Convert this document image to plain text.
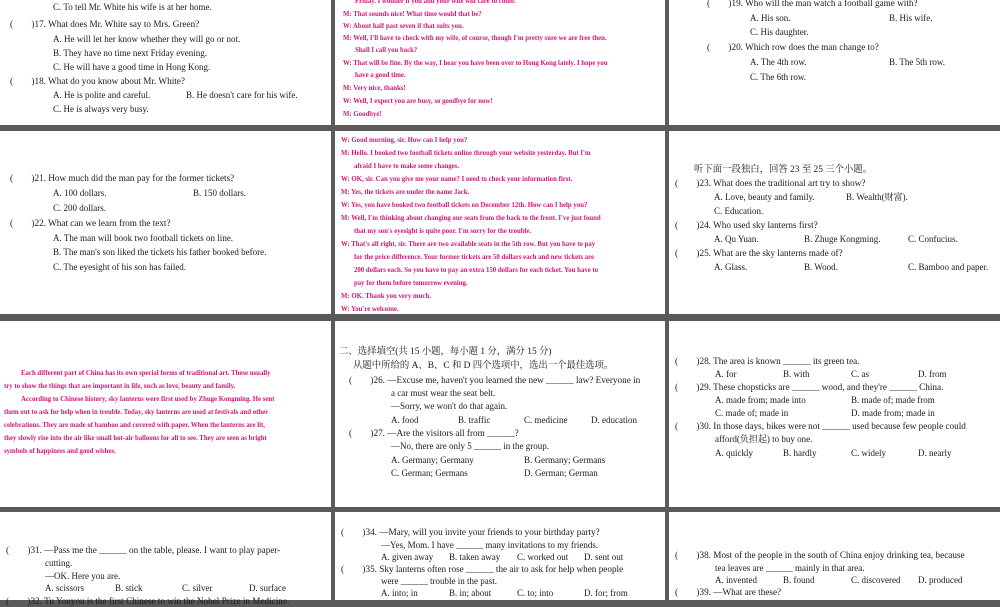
C. To tell Mr. White his wife is at her home.
(　　)17. What does Mr. White say to Mrs. Green?
A. He will let her know whether they will go or not.
B. They have no time next Friday evening.
C. He will have a good time in Hong Kong.
(　　)18. What do you know about Mr. White?
A. He is polite and careful.	B. He doesn't care for his wife.
C. He is always very busy.
Friday. I wonder if you and your wife will care to come.
M: That sounds nice! What time would that be?
W: About half past seven if that suits you.
M: Well, I'll have to check with my wife, of course, though I'm pretty sure we are free then.
Shall I call you back?
W: That will be fine. By the way, I hear you have been over to Hong Kong lately. I hope you
have a good time.
M: Very nice, thanks!
W: Well, I expect you are busy, so goodbye for now!
M: Goodbye!
(　　)19. Who will the man watch a football game with?
A. His son.	B. His wife.
C. His daughter.
(　　)20. Which row does the man change to?
A. The 4th row.	B. The 5th row.
C. The 6th row.
(　　)21. How much did the man pay for the former tickets?
A. 100 dollars.	B. 150 dollars.
C. 200 dollars.
(　　)22. What can we learn from the text?
A. The man will book two football tickets on line.
B. The man's son liked the tickets his father booked before.
C. The eyesight of his son has failed.
W: Good morning, sir. How can I help you?
M: Hello. I booked two football tickets online through your website yesterday. But I'm
afraid I have to make some changes.
W: OK, sir. Can you give me your name? I need to check your information first.
M: Yes, the tickets are under the name Jack.
W: Yes, you have booked two football tickets on December 12th. How can I help you?
M: Well, I'm thinking about changing our seats from the back to the front. I've just found
that my son's eyesight is quite poor. I'm sorry for the trouble.
W: That's all right, sir. There are two available seats in the 5th row. But you have to pay
for the price difference. Your former tickets are 50 dollars each and new tickets are
200 dollars each. So you have to pay an extra 150 dollars for each ticket. You have to
pay for them before tomorrow evening.
M: OK. Thank you very much.
W: You're welcome.
听下面一段独白，回答 23 至 25 三个小题。
(　　)23. What does the traditional art try to show?
A. Love, beauty and family.	B. Wealth(财富).
C. Education.
(　　)24. Who used sky lanterns first?
A. Qu Yuan.	B. Zhuge Kongming.	C. Confucius.
(　　)25. What are the sky lanterns made of?
A. Glass.	B. Wood.	C. Bamboo and paper.
Each different part of China has its own special forms of traditional art. These usually
try to show the things that are important in life, such as love, beauty and family.
According to Chinese history, sky lanterns were first used by Zhuge Kongming. He sent
them out to ask for help when in trouble. Today, sky lanterns are used at festivals and other
celebrations. They are made of bamboo and covered with paper. When the lanterns are lit,
they slowly rise into the air like small hot-air balloons for all to see. They are seen as bright
symbols of happiness and good wishes.
二、选择填空(共 15 小题，每小题 1 分，满分 15 分)
从题中所给的 A、B、C 和 D 四个选项中，选出一个最佳选项。
(　　)26. —Excuse me, haven't you learned the new ______ law? Everyone in
a car must wear the seat belt.
—Sorry, we won't do that again.
A. food	B. traffic	C. medicine	D. education
(　　)27. —Are the visitors all from ______?
—No, there are only 5 ______ in the group.
A. Germany; Germany	B. Germany; Germans
C. German; Germans	D. German; German
(　　)28. The area is known ______ its green tea.
A. for	B. with	C. as	D. from
(　　)29. These chopsticks are ______ wood, and they're ______ China.
A. made from; made into	B. made of; made from
C. made of; made in	D. made from; made in
(　　)30. In those days, bikes were not ______ used because few people could
afford(负担起) to buy one.
A. quickly	B. hardly	C. widely	D. nearly
(　　)31. —Pass me the ______ on the table, please. I want to play paper-
cutting.
—OK. Here you are.
A. scissors	B. stick	C. silver	D. surface
(　　)32. Tu Youyou is the first Chinese to win the Nobel Prize in Medicine.
(　　)34. —Mary, will you invite your friends to your birthday party?
—Yes, Mom. I have ______ many invitations to my friends.
A. given away B. taken away C. worked out D. sent out
(　　)35. Sky lanterns often rose ______ the air to ask for help when people
were ______ trouble in the past.
A. into; in	B. in; about	C. to; into	D. for; from
(　　)38. Most of the people in the south of China enjoy drinking tea, because
tea leaves are ______ mainly in that area.
A. invented	B. found	C. discovered D. produced
(　　)39. —What are these?
